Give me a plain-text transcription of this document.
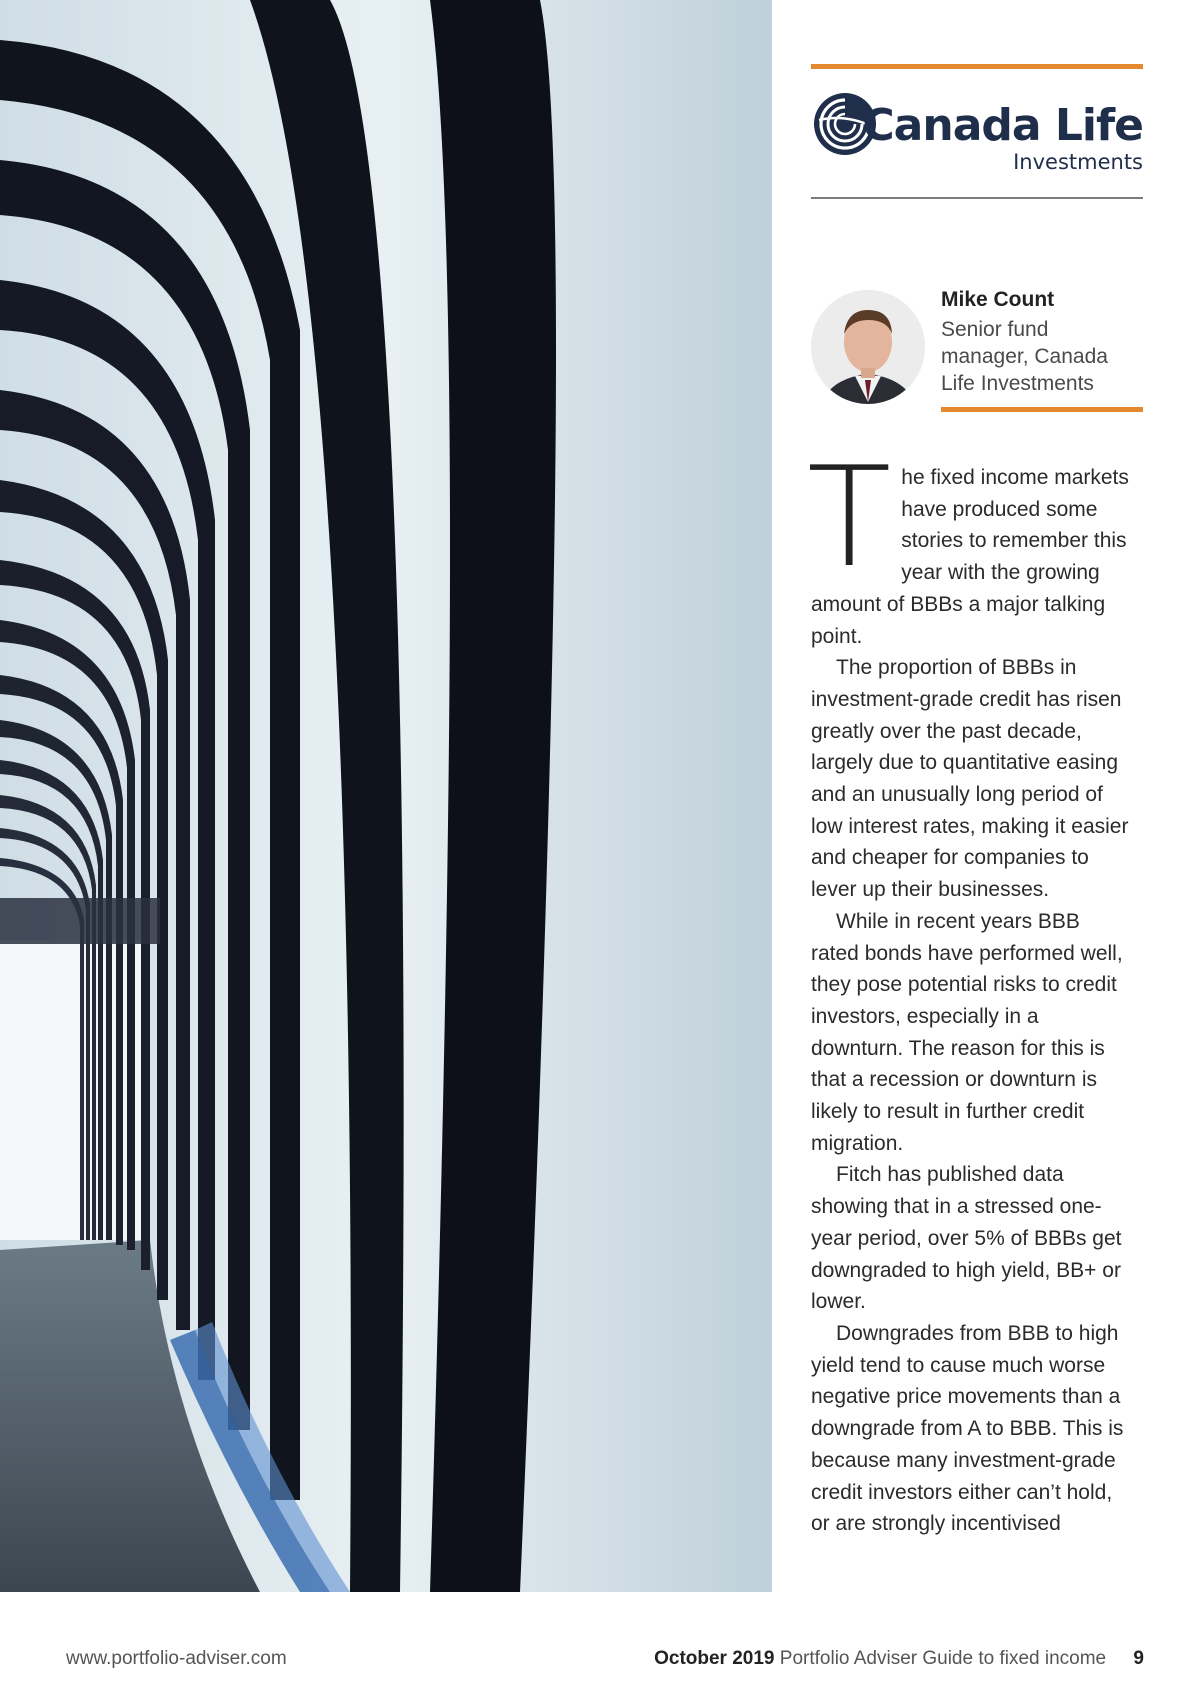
Canada Life
Investments
Mike Count
Senior fund manager, Canada Life Investments

The fixed income markets have produced some stories to remember this year with the growing amount of BBBs a major talking point.

The proportion of BBBs in investment-grade credit has risen greatly over the past decade, largely due to quantitative easing and an unusually long period of low interest rates, making it easier and cheaper for companies to lever up their businesses.

While in recent years BBB rated bonds have performed well, they pose potential risks to credit investors, especially in a downturn. The reason for this is that a recession or downturn is likely to result in further credit migration.

Fitch has published data showing that in a stressed one-year period, over 5% of BBBs get downgraded to high yield, BB+ or lower.

Downgrades from BBB to high yield tend to cause much worse negative price movements than a downgrade from A to BBB. This is because many investment-grade credit investors either can’t hold, or are strongly incentivised

www.portfolio-adviser.com	October 2019 Portfolio Adviser Guide to fixed income 9
